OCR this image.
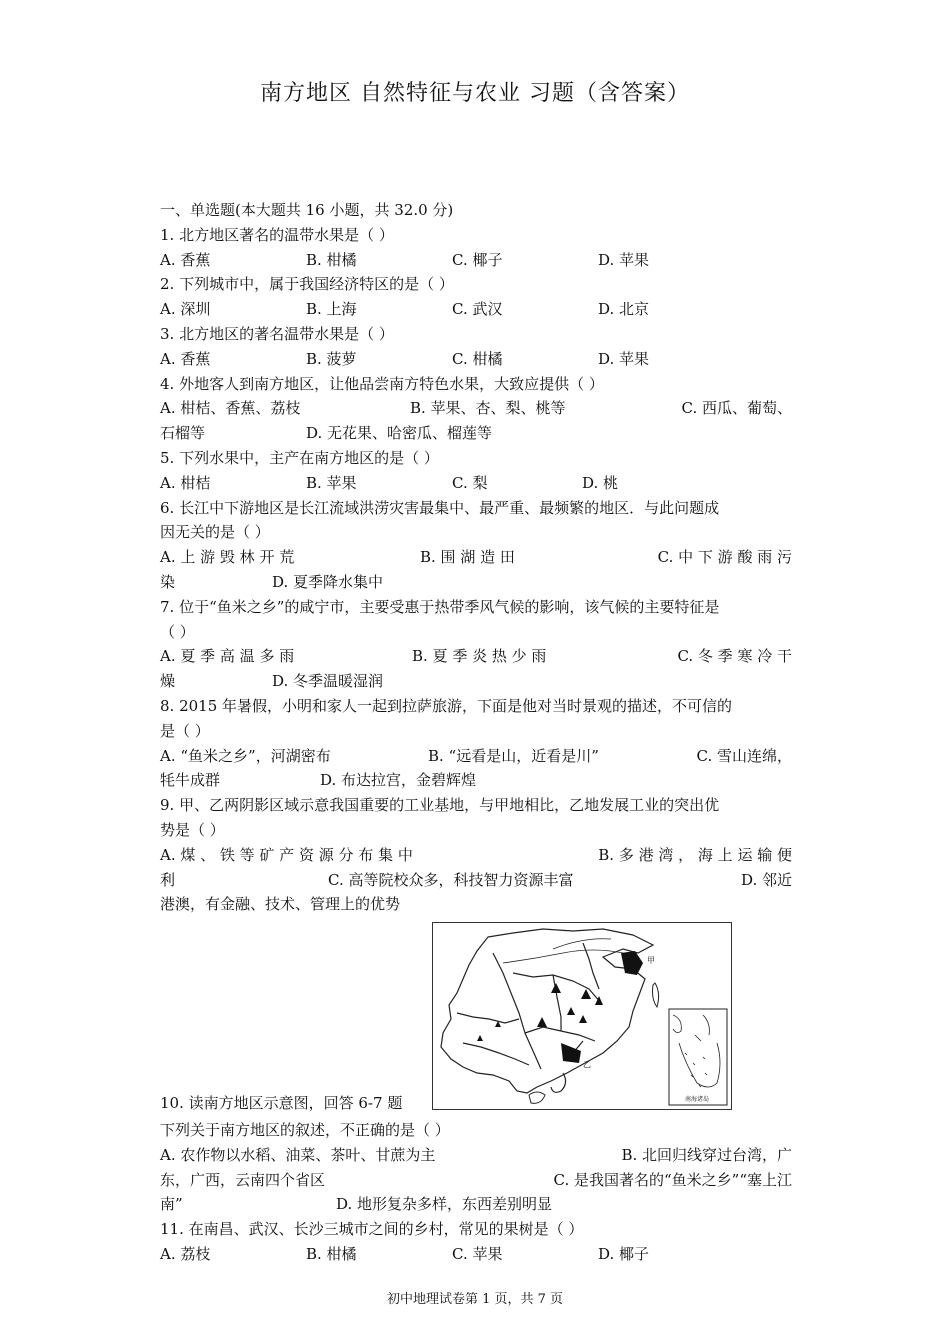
南方地区 自然特征与农业 习题（含答案）
一、单选题(本大题共 16 小题，共 32.0 分)
1. 北方地区著名的温带水果是（ ）
A. 香蕉	B. 柑橘	C. 椰子	D. 苹果
2. 下列城市中，属于我国经济特区的是（ ）
A. 深圳	B. 上海	C. 武汉	D. 北京
3. 北方地区的著名温带水果是（ ）
A. 香蕉	B. 菠萝	C. 柑橘	D. 苹果
4. 外地客人到南方地区，让他品尝南方特色水果，大致应提供（ ）
A. 柑桔、香蕉、荔枝	B. 苹果、杏、梨、桃等	C. 西瓜、葡萄、
石榴等	D. 无花果、哈密瓜、榴莲等
5. 下列水果中，主产在南方地区的是（ ）
A. 柑桔	B. 苹果	C. 梨	D. 桃
6. 长江中下游地区是长江流域洪涝灾害最集中、最严重、最频繁的地区．与此问题成
因无关的是（ ）
A. 上 游 毁 林 开 荒	B. 围 湖 造 田	C. 中 下 游 酸 雨 污
染	D. 夏季降水集中
7. 位于“鱼米之乡”的咸宁市，主要受惠于热带季风气候的影响，该气候的主要特征是
（ ）
A. 夏 季 高 温 多 雨	B. 夏 季 炎 热 少 雨	C. 冬 季 寒 冷 干
燥	D. 冬季温暖湿润
8. 2015 年暑假，小明和家人一起到拉萨旅游，下面是他对当时景观的描述，不可信的
是（ ）
A. “鱼米之乡”，河湖密布	B. “远看是山，近看是川”	C. 雪山连绵，
牦牛成群	D. 布达拉宫，金碧辉煌
9. 甲、乙两阴影区域示意我国重要的工业基地，与甲地相比，乙地发展工业的突出优
势是（ ）
A. 煤 、 铁 等 矿 产 资 源 分 布 集 中	B. 多 港 湾 ， 海 上 运 输 便
利	C. 高等院校众多，科技智力资源丰富	D. 邻近
港澳，有金融、技术、管理上的优势
甲
乙
南海诸岛
10. 读南方地区示意图，回答 6-7 题
下列关于南方地区的叙述，不正确的是（ ）
A. 农作物以水稻、油菜、茶叶、甘蔗为主	B. 北回归线穿过台湾，广
东，广西，云南四个省区	C. 是我国著名的“鱼米之乡”“塞上江
南”	D. 地形复杂多样，东西差别明显
11. 在南昌、武汉、长沙三城市之间的乡村，常见的果树是（ ）
A. 荔枝	B. 柑橘	C. 苹果	D. 椰子
初中地理试卷第 1 页，共 7 页
